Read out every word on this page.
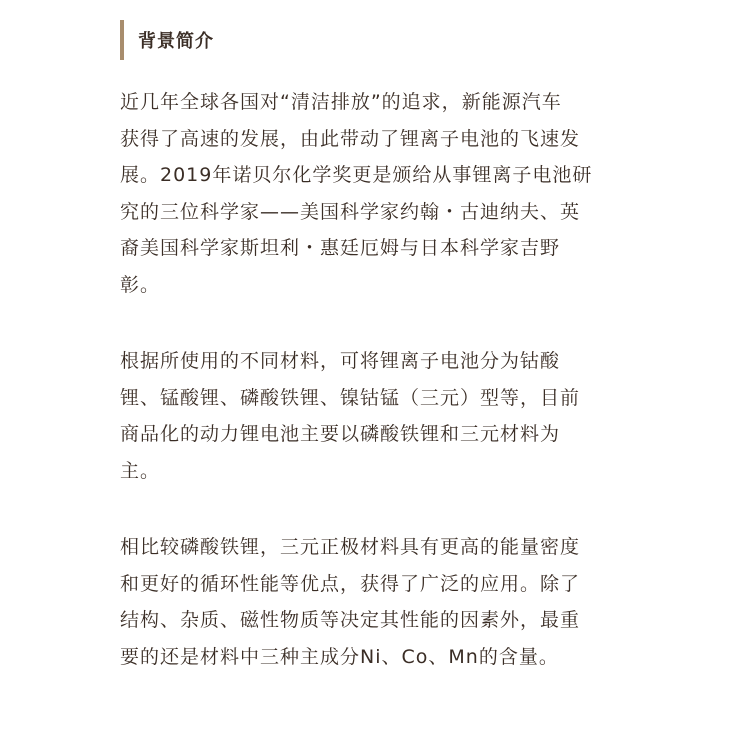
背景简介
近几年全球各国对“清洁排放”的追求，新能源汽车
获得了高速的发展，由此带动了锂离子电池的飞速发
展。2019年诺贝尔化学奖更是颁给从事锂离子电池研
究的三位科学家——美国科学家约翰・古迪纳夫、英
裔美国科学家斯坦利・惠廷厄姆与日本科学家吉野
彰。
根据所使用的不同材料，可将锂离子电池分为钴酸
锂、锰酸锂、磷酸铁锂、镍钴锰（三元）型等，目前
商品化的动力锂电池主要以磷酸铁锂和三元材料为
主。
相比较磷酸铁锂，三元正极材料具有更高的能量密度
和更好的循环性能等优点，获得了广泛的应用。除了
结构、杂质、磁性物质等决定其性能的因素外，最重
要的还是材料中三种主成分Ni、Co、Mn的含量。
